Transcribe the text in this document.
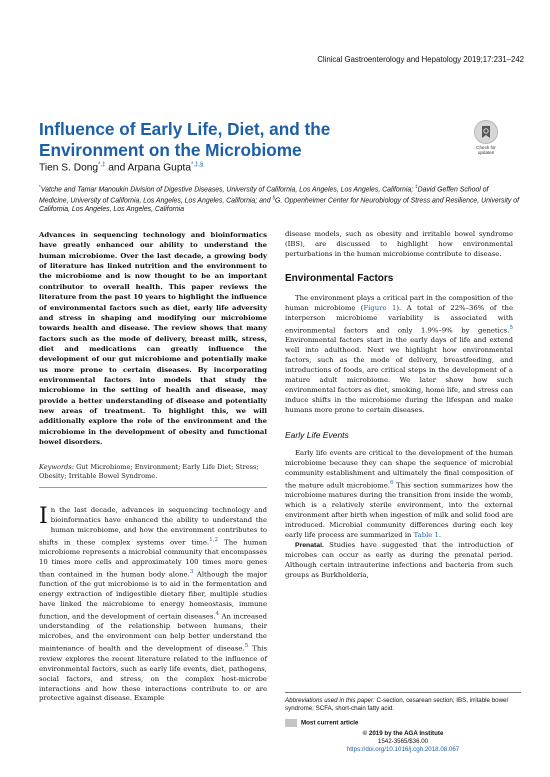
Clinical Gastroenterology and Hepatology 2019;17:231–242
Influence of Early Life, Diet, and the Environment on the Microbiome	Check for
updates
Tien S. Dong*,‡ and Arpana Gupta*,‡,§
*Vatche and Tamar Manoukin Division of Digestive Diseases, University of California, Los Angeles, Los Angeles, California; ‡David Geffen School of Medicine, University of California, Los Angeles, Los Angeles, California; and §G. Oppenheimer Center for Neurobiology of Stress and Resilience, University of California, Los Angeles, Los Angeles, California

Advances in sequencing technology and bioinformatics have greatly enhanced our ability to understand the human microbiome. Over the last decade, a growing body of literature has linked nutrition and the environment to the microbiome and is now thought to be an important contributor to overall health. This paper reviews the literature from the past 10 years to highlight the influence of environmental factors such as diet, early life adversity and stress in shaping and modifying our microbiome towards health and disease. The review shows that many factors such as the mode of delivery, breast milk, stress, diet and medications can greatly influence the development of our gut microbiome and potentially make us more prone to certain diseases. By incorporating environmental factors into models that study the microbiome in the setting of health and disease, may provide a better understanding of disease and potentially new areas of treatment. To highlight this, we will additionally explore the role of the environment and the microbiome in the development of obesity and functional bowel disorders.

Keywords: Gut Microbiome; Environment; Early Life Diet; Stress; Obesity; Irritable Bowel Syndrome.

In the last decade, advances in sequencing technology and bioinformatics have enhanced the ability to understand the human microbiome, and how the environment contributes to shifts in these complex systems over time.$^{1,2}$ The human microbiome represents a microbial community that encompasses 10 times more cells and approximately 100 times more genes than contained in the human body alone.$^3$ Although the major function of the gut microbiome is to aid in the fermentation and energy extraction of indigestible dietary fiber, multiple studies have linked the microbiome to energy homeostasis, immune function, and the development of certain diseases.$^4$ An increased understanding of the relationship between humans, their microbes, and the environment can help better understand the maintenance of health and the development of disease.$^5$ This review explores the recent literature related to the influence of environmental factors, such as early life events, diet, pathogens, social factors, and stress, on the complex host-microbe interactions and how these interactions contribute to or are protective against disease. Example

disease models, such as obesity and irritable bowel syndrome (IBS), are discussed to highlight how environmental perturbations in the human microbiome contribute to disease.

Environmental Factors

The environment plays a critical part in the composition of the human microbiome (Figure 1). A total of 22%–36% of the interperson microbiome variability is associated with environmental factors and only 1.9%–9% by genetics.$^5$ Environmental factors start in the early days of life and extend well into adulthood. Next we highlight how environmental factors, such as the mode of delivery, breastfeeding, and introductions of foods, are critical steps in the development of a mature adult microbiome. We later show how such environmental factors as diet, smoking, home life, and stress can induce shifts in the microbiome during the lifespan and make humans more prone to certain diseases.

Early Life Events

Early life events are critical to the development of the human microbiome because they can shape the sequence of microbial community establishment and ultimately the final composition of the mature adult microbiome.$^6$ This section summarizes how the microbiome matures during the transition from inside the womb, which is a relatively sterile environment, into the external environment after birth when ingestion of milk and solid food are introduced. Microbial community differences during each key early life process are summarized in Table 1.

Prenatal. Studies have suggested that the introduction of microbes can occur as early as during the prenatal period. Although certain intrauterine infections and bacteria from such groups as Burkholderia,

Abbreviations used in this paper: C-section, cesarean section; IBS, irritable bowel syndrome; SCFA, short-chain fatty acid.

Most current article
© 2019 by the AGA Institute
1542-3565/$36.00
https://doi.org/10.1016/j.cgh.2018.08.067
